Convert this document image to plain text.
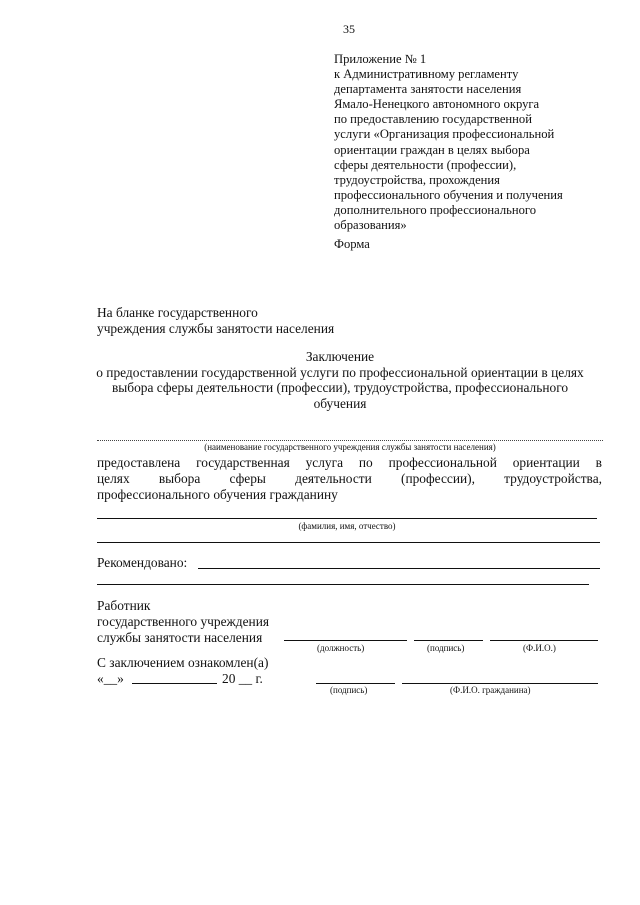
35
Приложение № 1
к Административному регламенту
департамента занятости населения
Ямало-Ненецкого автономного округа
по предоставлению государственной
услуги «Организация профессиональной
ориентации граждан в целях выбора
сферы деятельности (профессии),
трудоустройства, прохождения
профессионального обучения и получения
дополнительного профессионального
образования»
Форма
На бланке государственного
учреждения службы занятости населения
Заключение
о предоставлении государственной услуги по профессиональной ориентации в целях выбора сферы деятельности (профессии), трудоустройства, профессионального обучения
(наименование государственного учреждения службы занятости населения)
предоставлена государственная услуга по профессиональной ориентации в
целях выбора сферы деятельности (профессии), трудоустройства,
профессионального обучения гражданину
(фамилия, имя, отчество)
Рекомендовано:
Работник
государственного учреждения
службы занятости населения
(должность)	(подпись)	(Ф.И.О.)
С заключением ознакомлен(а)
«__»	20 __ г.
(подпись)	(Ф.И.О. гражданина)
